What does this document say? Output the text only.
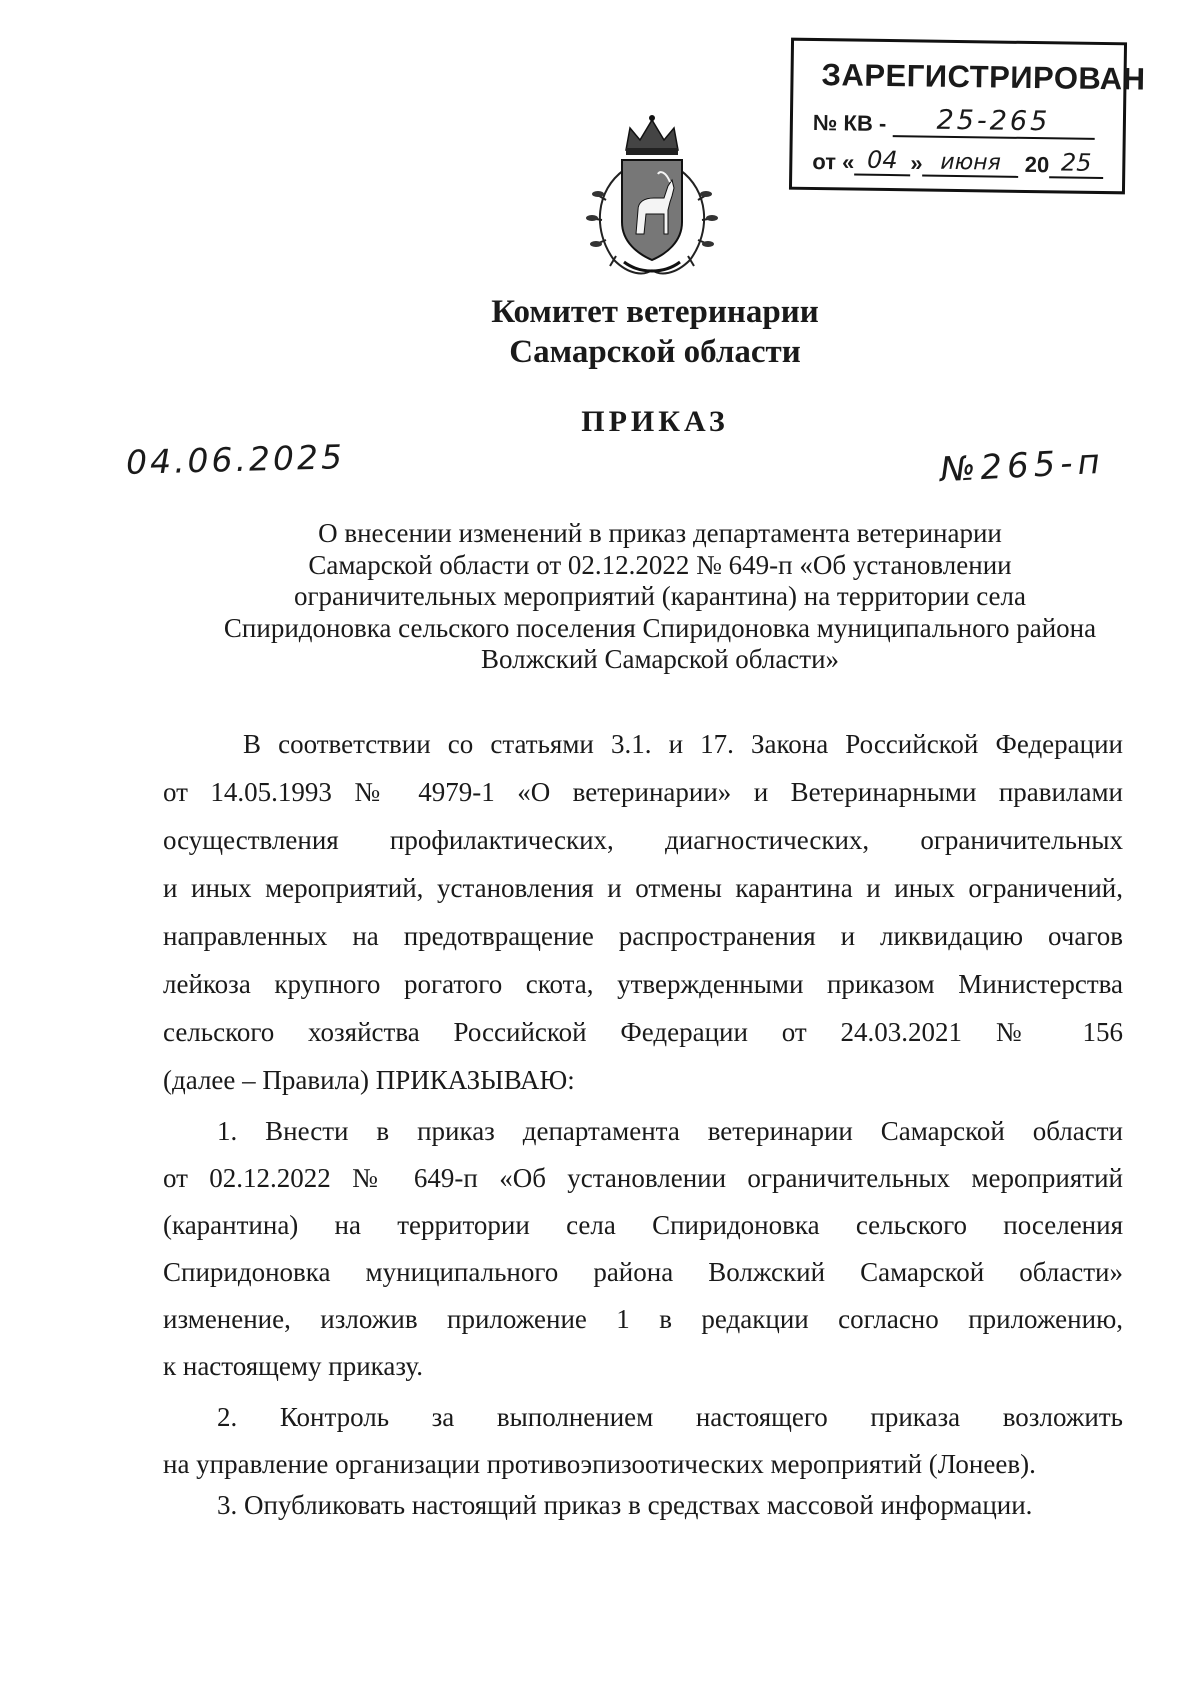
ЗАРЕГИСТРИРОВАН
№ КВ -
	25-265
от « 04 » июня
	20 25
Комитет ветеринарии
Самарской области
ПРИКАЗ
04.06.2025	№265-п
О внесении изменений в приказ департамента ветеринарии
Самарской области от 02.12.2022 № 649-п «Об установлении
ограничительных мероприятий (карантина) на территории села
Спиридоновка сельского поселения Спиридоновка муниципального района
Волжский Самарской области»
В соответствии со статьями 3.1. и 17. Закона Российской Федерации
от 14.05.1993 № 4979-1 «О ветеринарии» и Ветеринарными правилами
осуществления профилактических, диагностических, ограничительных
и иных мероприятий, установления и отмены карантина и иных ограничений,
направленных на предотвращение распространения и ликвидацию очагов
лейкоза крупного рогатого скота, утвержденными приказом Министерства
сельского хозяйства Российской Федерации от 24.03.2021 № 156
(далее – Правила) ПРИКАЗЫВАЮ:
1. Внести в приказ департамента ветеринарии Самарской области
от 02.12.2022 № 649-п «Об установлении ограничительных мероприятий
(карантина) на территории села Спиридоновка сельского поселения
Спиридоновка муниципального района Волжский Самарской области»
изменение, изложив приложение 1 в редакции согласно приложению,
к настоящему приказу.
2. Контроль за выполнением настоящего приказа возложить
на управление организации противоэпизоотических мероприятий (Лонеев).
3. Опубликовать настоящий приказ в средствах массовой информации.
